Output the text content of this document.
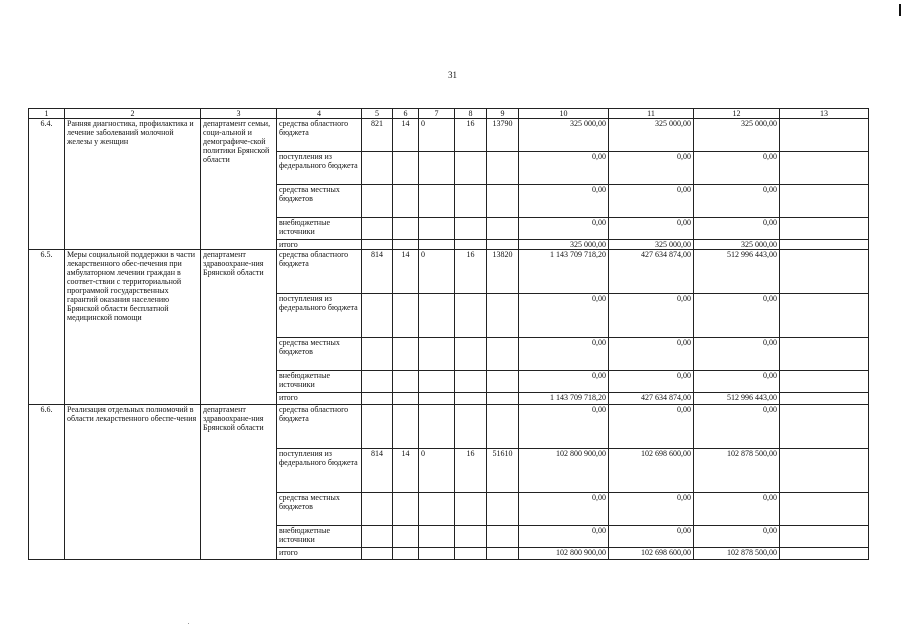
31
1	2	3	4	5	6	7	8	9	10	11	12	13
6.4.	Ранняя диагностика, профилактика и лечение заболеваний молочной железы у женщин	департамент семьи, соци-альной и демографиче-ской политики Брянской области	средства областного бюджета	821	14	0	16	13790	325 000,00	325 000,00	325 000,00	
			поступления из федерального бюджета						0,00	0,00	0,00	
			средства местных бюджетов						0,00	0,00	0,00	
			внебюджетные источники						0,00	0,00	0,00	
			итого						325 000,00	325 000,00	325 000,00	
6.5.	Меры социальной поддержки в части лекарственного обес-печения при амбулаторном лечении граждан в соответ-ствии с территориальной программой государственных гарантий оказания населению Брянской области бесплатной медицинской помощи	департамент здравоохране-ния Брянской области	средства областного бюджета	814	14	0	16	13820	1 143 709 718,20	427 634 874,00	512 996 443,00	
			поступления из федерального бюджета						0,00	0,00	0,00	
			средства местных бюджетов						0,00	0,00	0,00	
			внебюджетные источники						0,00	0,00	0,00	
			итого						1 143 709 718,20	427 634 874,00	512 996 443,00	
6.6.	Реализация отдельных полномочий в области лекарственного обеспе-чения	департамент здравоохране-ния Брянской области	средства областного бюджета						0,00	0,00	0,00	
			поступления из федерального бюджета	814	14	0	16	51610	102 800 900,00	102 698 600,00	102 878 500,00	
			средства местных бюджетов						0,00	0,00	0,00	
			внебюджетные источники						0,00	0,00	0,00	
			итого						102 800 900,00	102 698 600,00	102 878 500,00	
